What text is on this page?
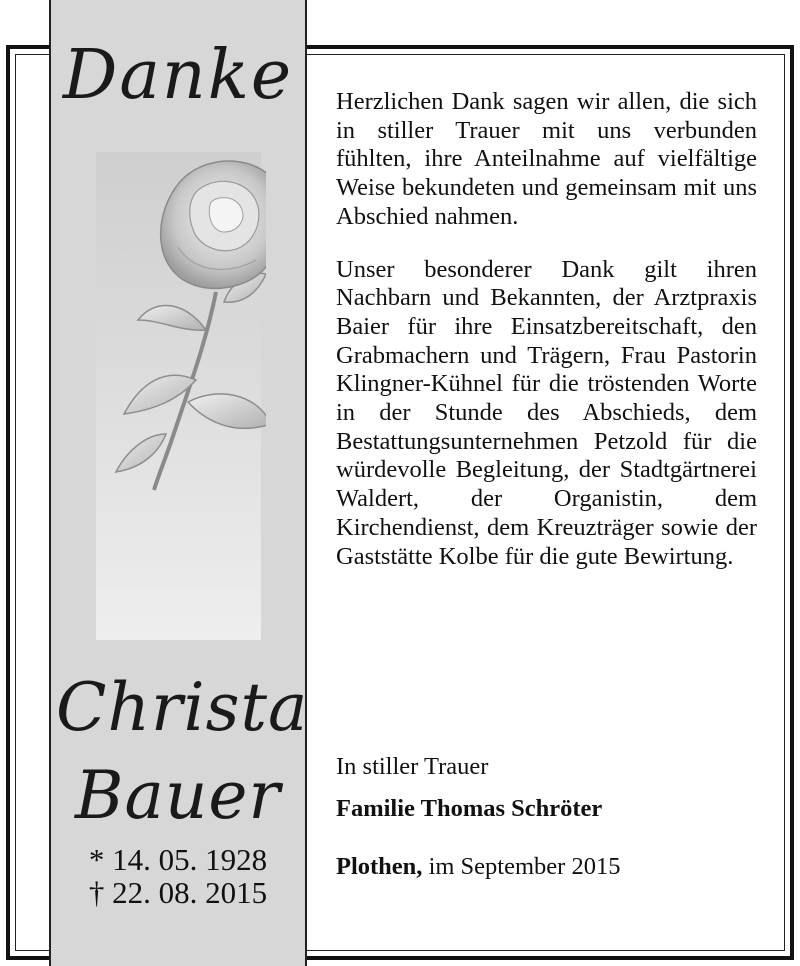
Danke
Christa
Bauer
* 14. 05. 1928
† 22. 08. 2015

Herzlichen Dank sagen wir allen, die sich in stiller Trauer mit uns verbunden fühlten, ihre Anteilnahme auf vielfältige Weise bekundeten und gemeinsam mit uns Abschied nahmen.

Unser besonderer Dank gilt ihren Nachbarn und Bekannten, der Arztpraxis Baier für ihre Einsatzbereitschaft, den Grabmachern und Trägern, Frau Pastorin Klingner-Kühnel für die tröstenden Worte in der Stunde des Abschieds, dem Bestattungsunternehmen Petzold für die würdevolle Begleitung, der Stadtgärtnerei Waldert, der Organistin, dem Kirchendienst, dem Kreuzträger sowie der Gaststätte Kolbe für die gute Bewirtung.

In stiller Trauer
Familie Thomas Schröter
Plothen, im September 2015
